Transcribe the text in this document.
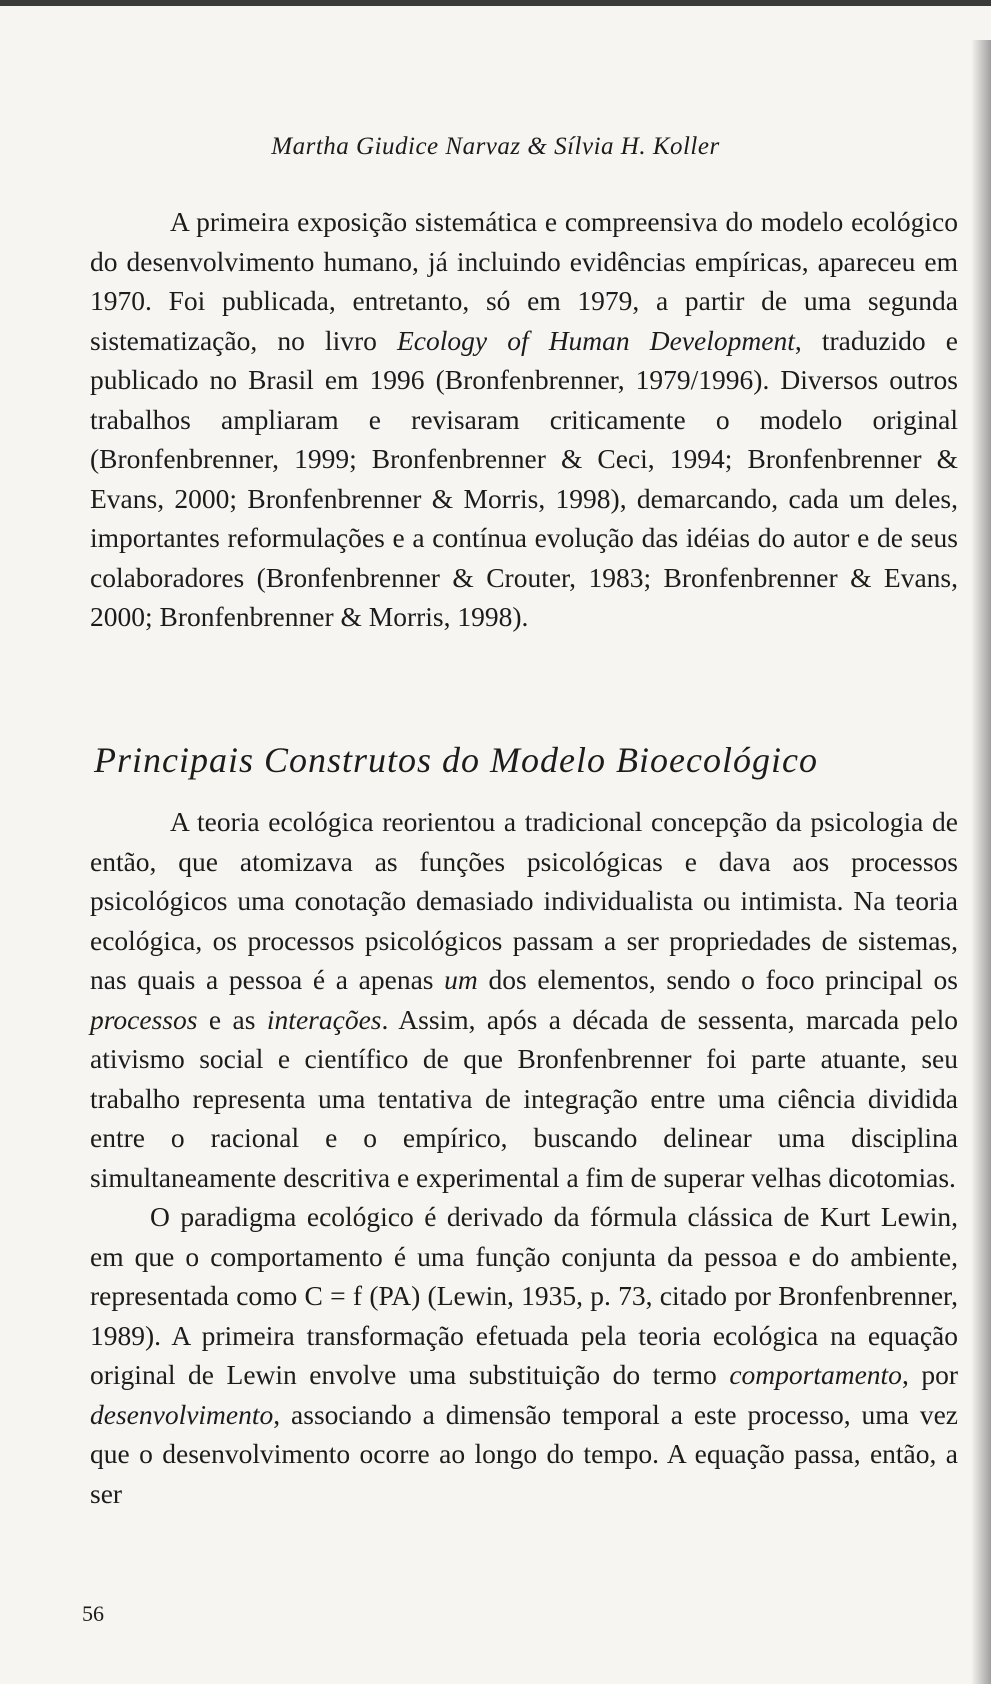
Martha Giudice Narvaz & Sílvia H. Koller

A primeira exposição sistemática e compreensiva do modelo ecológico do desenvolvimento humano, já incluindo evidências empíricas, apareceu em 1970. Foi publicada, entretanto, só em 1979, a partir de uma segunda sistematização, no livro Ecology of Human Development, traduzido e publicado no Brasil em 1996 (Bronfenbrenner, 1979/1996). Diversos outros trabalhos ampliaram e revisaram criticamente o modelo original (Bronfenbrenner, 1999; Bronfenbrenner & Ceci, 1994; Bronfenbrenner & Evans, 2000; Bronfenbrenner & Morris, 1998), demarcando, cada um deles, importantes reformulações e a contínua evolução das idéias do autor e de seus colaboradores (Bronfenbrenner & Crouter, 1983; Bronfenbrenner & Evans, 2000; Bronfenbrenner & Morris, 1998).

Principais Construtos do Modelo Bioecológico

A teoria ecológica reorientou a tradicional concepção da psicologia de então, que atomizava as funções psicológicas e dava aos processos psicológicos uma conotação demasiado individualista ou intimista. Na teoria ecológica, os processos psicológicos passam a ser propriedades de sistemas, nas quais a pessoa é a apenas um dos elementos, sendo o foco principal os processos e as interações. Assim, após a década de sessenta, marcada pelo ativismo social e científico de que Bronfenbrenner foi parte atuante, seu trabalho representa uma tentativa de integração entre uma ciência dividida entre o racional e o empírico, buscando delinear uma disciplina simultaneamente descritiva e experimental a fim de superar velhas dicotomias.

O paradigma ecológico é derivado da fórmula clássica de Kurt Lewin, em que o comportamento é uma função conjunta da pessoa e do ambiente, representada como C = f (PA) (Lewin, 1935, p. 73, citado por Bronfenbrenner, 1989). A primeira transformação efetuada pela teoria ecológica na equação original de Lewin envolve uma substituição do termo comportamento, por desenvolvimento, associando a dimensão temporal a este processo, uma vez que o desenvolvimento ocorre ao longo do tempo. A equação passa, então, a ser

56
